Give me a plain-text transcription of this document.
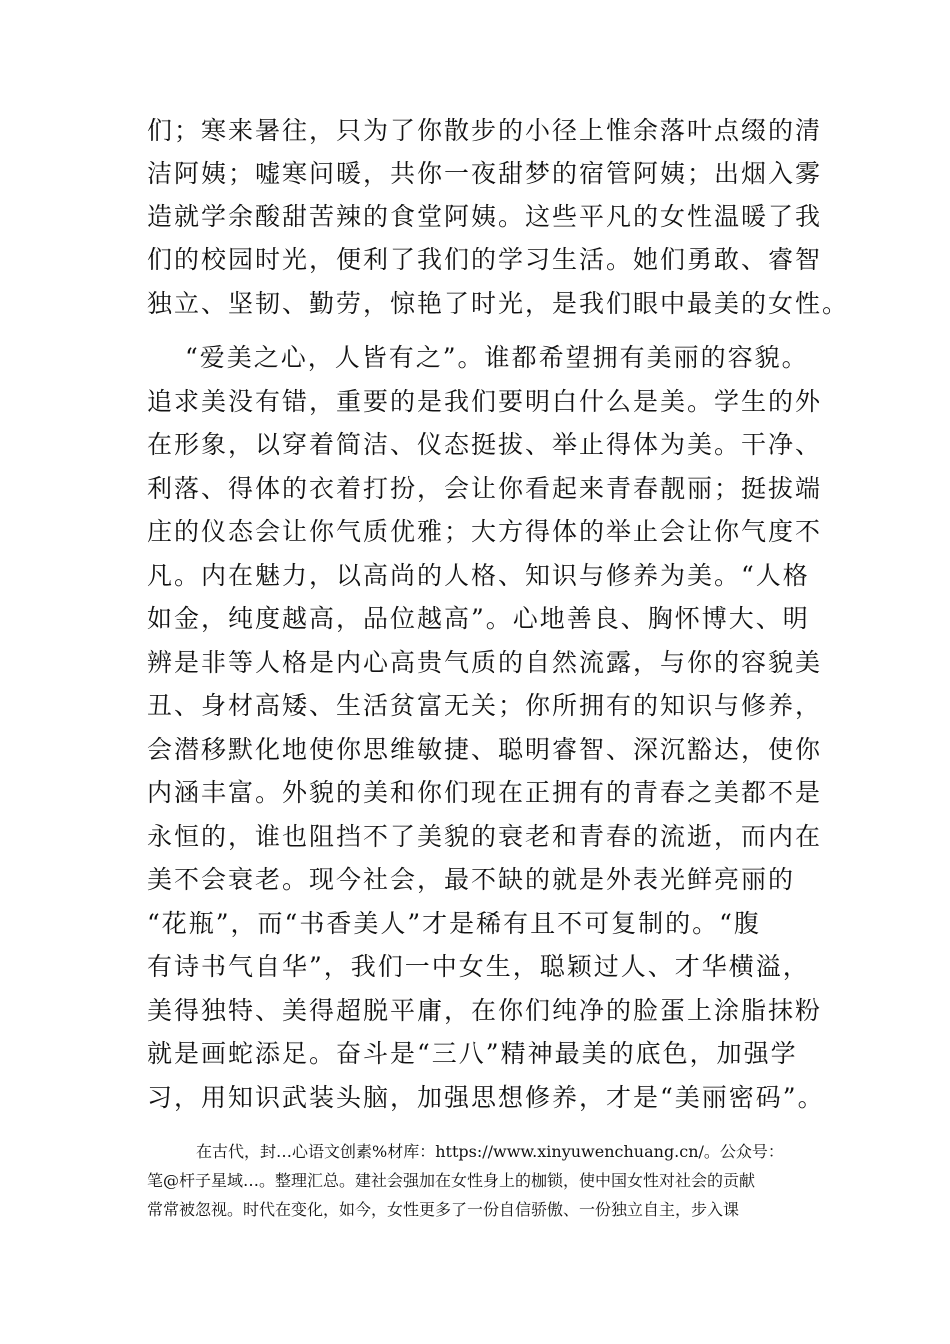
们；寒来暑往，只为了你散步的小径上惟余落叶点缀的清
洁阿姨；嘘寒问暖，共你一夜甜梦的宿管阿姨；出烟入雾
造就学余酸甜苦辣的食堂阿姨。这些平凡的女性温暖了我
们的校园时光，便利了我们的学习生活。她们勇敢、睿智
独立、坚韧、勤劳，惊艳了时光，是我们眼中最美的女性。
“爱美之心，人皆有之”。谁都希望拥有美丽的容貌。
追求美没有错，重要的是我们要明白什么是美。学生的外
在形象，以穿着简洁、仪态挺拔、举止得体为美。干净、
利落、得体的衣着打扮，会让你看起来青春靓丽；挺拔端
庄的仪态会让你气质优雅；大方得体的举止会让你气度不
凡。内在魅力，以高尚的人格、知识与修养为美。“人格
如金，纯度越高，品位越高”。心地善良、胸怀博大、明
辨是非等人格是内心高贵气质的自然流露，与你的容貌美
丑、身材高矮、生活贫富无关；你所拥有的知识与修养，
会潜移默化地使你思维敏捷、聪明睿智、深沉豁达，使你
内涵丰富。外貌的美和你们现在正拥有的青春之美都不是
永恒的，谁也阻挡不了美貌的衰老和青春的流逝，而内在
美不会衰老。现今社会，最不缺的就是外表光鲜亮丽的
“花瓶”，而“书香美人”才是稀有且不可复制的。“腹
有诗书气自华”，我们一中女生，聪颖过人、才华横溢，
美得独特、美得超脱平庸，在你们纯净的脸蛋上涂脂抹粉
就是画蛇添足。奋斗是“三八”精神最美的底色，加强学
习，用知识武装头脑，加强思想修养，才是“美丽密码”。
在古代，封…心语文创素%材库：https://www.xinyuwenchuang.cn/。公众号：
笔@杆子星域…。整理汇总。建社会强加在女性身上的枷锁，使中国女性对社会的贡献
常常被忽视。时代在变化，如今，女性更多了一份自信骄傲、一份独立自主，步入课
